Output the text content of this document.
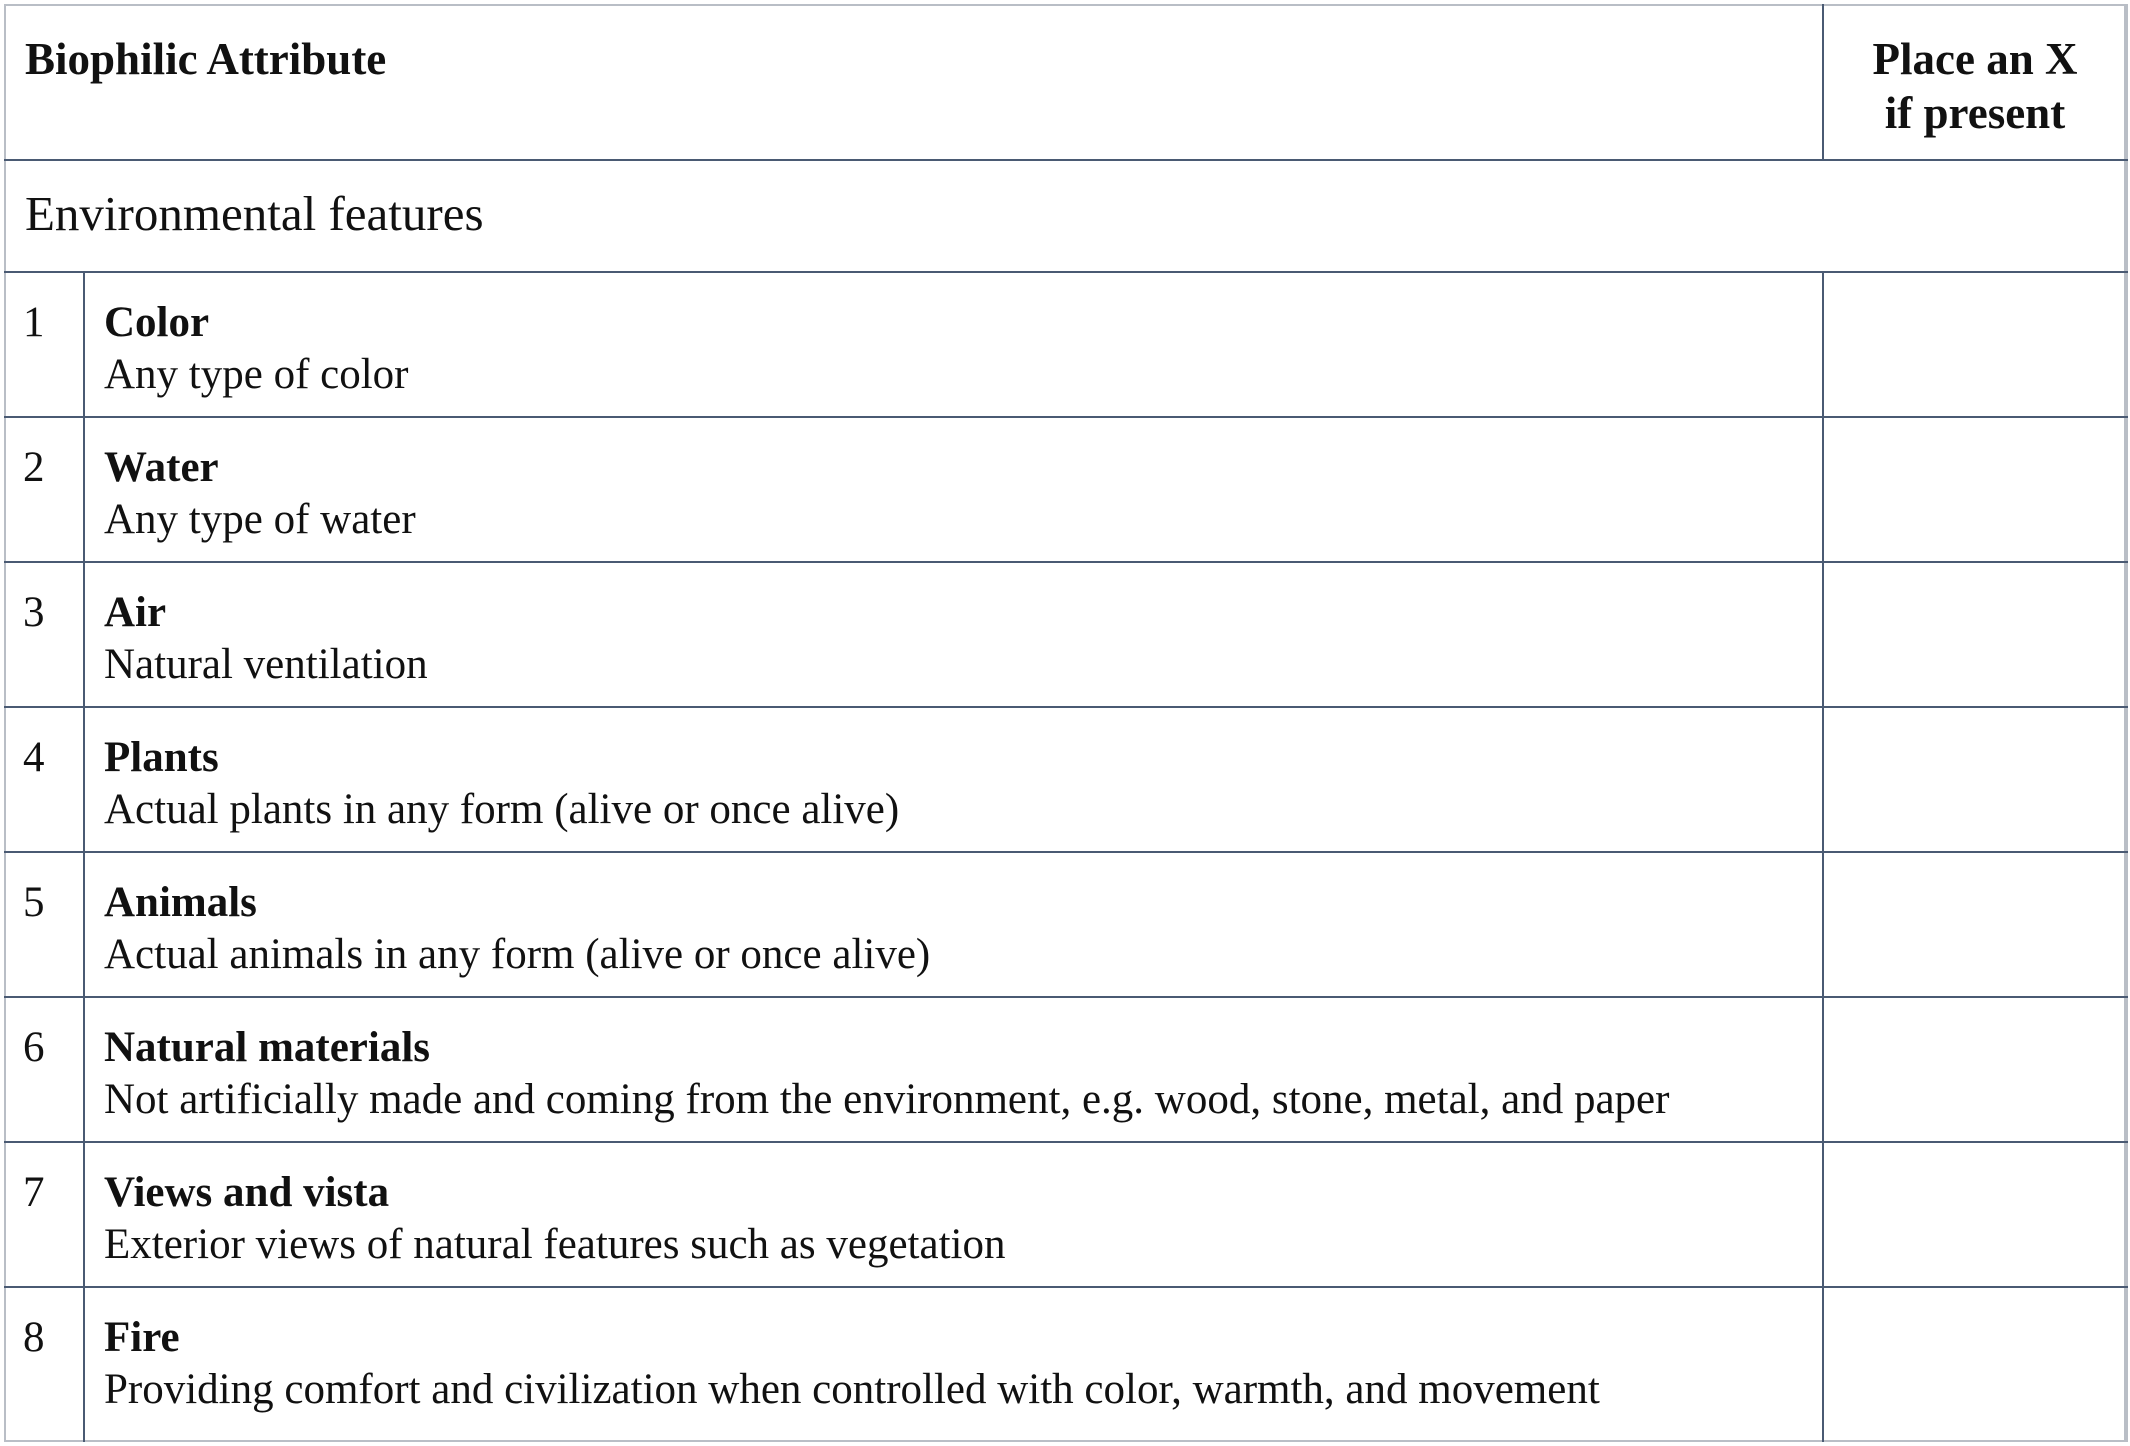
Biophilic Attribute		Place an X
if present
Environmental features		
1	Color
Any type of color	

2	Water
Any type of water	

3	Air
Natural ventilation	

4	Plants
Actual plants in any form (alive or once alive)	

5	Animals
Actual animals in any form (alive or once alive)	

6	Natural materials
Not artificially made and coming from the environment, e.g. wood, stone, metal, and paper	

7	Views and vista
Exterior views of natural features such as vegetation	

8	Fire
Providing comfort and civilization when controlled with color, warmth, and movement	
